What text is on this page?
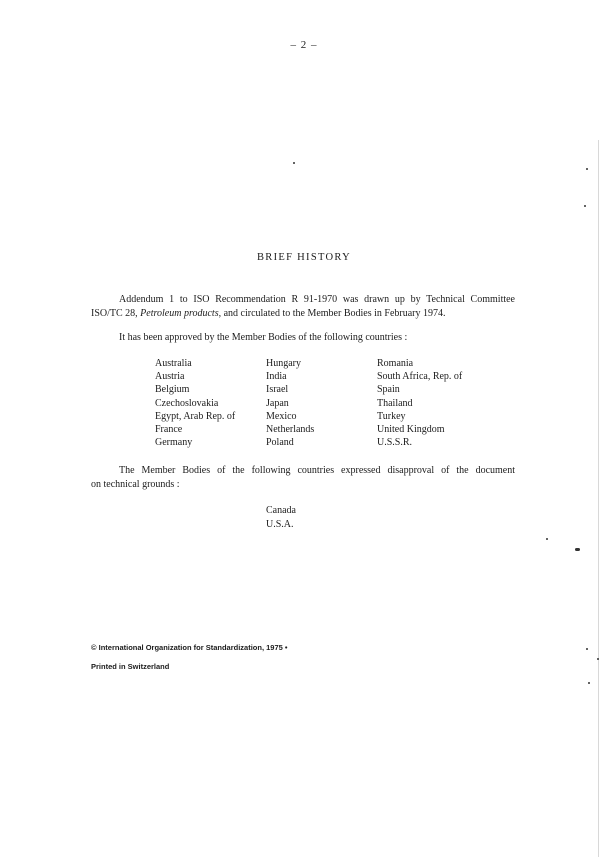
– 2 –
BRIEF HISTORY
Addendum 1 to ISO Recommendation R 91-1970 was drawn up by Technical Committee
ISO/TC 28, Petroleum products, and circulated to the Member Bodies in February 1974.
It has been approved by the Member Bodies of the following countries :
Australia
Austria
Belgium
Czechoslovakia
Egypt, Arab Rep. of
France
Germany
Hungary
India
Israel
Japan
Mexico
Netherlands
Poland
Romania
South Africa, Rep. of
Spain
Thailand
Turkey
United Kingdom
U.S.S.R.
The Member Bodies of the following countries expressed disapproval of the document
on technical grounds :
Canada
U.S.A.
© International Organization for Standardization, 1975 •
Printed in Switzerland
